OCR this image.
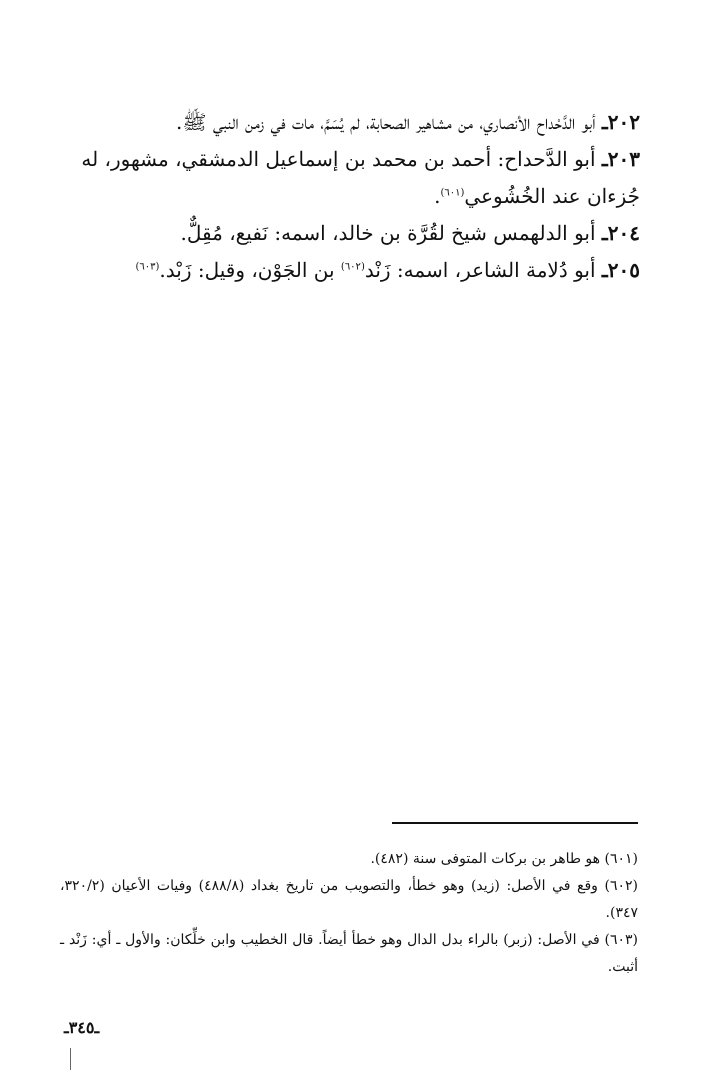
٢٠٢ـ أبو الدَّحْداح الأنصاري، من مشاهير الصحابة، لم يُسَمَّ، مات في زمن النبي ﷺ.

٢٠٣ـ أبو الدَّحداح: أحمد بن محمد بن إسماعيل الدمشقي، مشهور، له جُزءان عند الخُشُوعي$^{(٦٠١)}$.

٢٠٤ـ أبو الدلهمس شيخ لقُرَّة بن خالد، اسمه: نَفيع، مُقِلٌّ.

٢٠٥ـ أبو دُلامة الشاعر، اسمه: زَنْد$^{(٦٠٢)}$ بن الجَوْن، وقيل: زَبْد.$^{(٦٠٣)}$

(٦٠١) هو طاهر بن بركات المتوفى سنة (٤٨٢).

(٦٠٢) وقع في الأصل: (زيد) وهو خطأ، والتصويب من تاريخ بغداد (٤٨٨/٨) وفيات الأعيان (٣٢٠/٢، ٣٤٧).

(٦٠٣) في الأصل: (زبر) بالراء بدل الدال وهو خطأ أيضاً. قال الخطيب وابن خلِّكان: والأول ـ أي: زَنْد ـ أثبت.

ـ٣٤٥ـ
